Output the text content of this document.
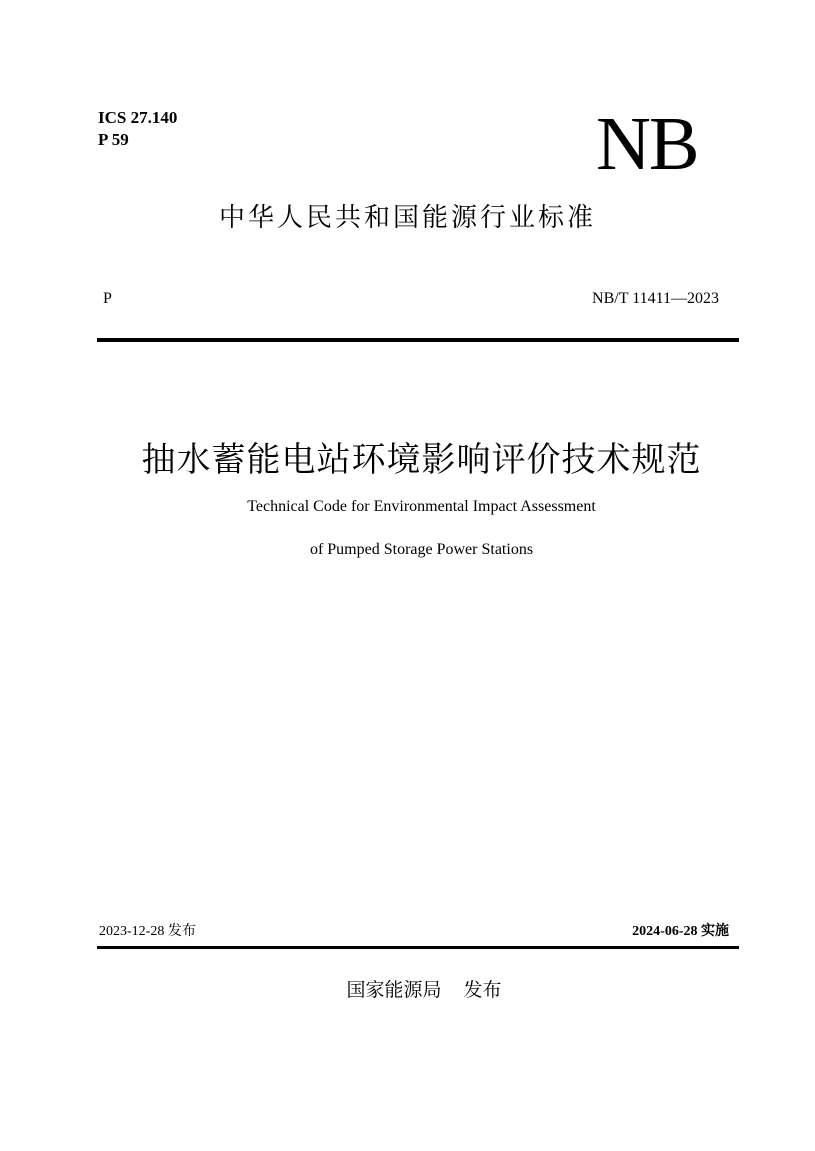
ICS 27.140
P 59	NB
中华人民共和国能源行业标准
P	NB/T 11411—2023
抽水蓄能电站环境影响评价技术规范
Technical Code for Environmental Impact Assessment
of Pumped Storage Power Stations
2023-12-28 发布	2024-06-28 实施
国家能源局 发布
